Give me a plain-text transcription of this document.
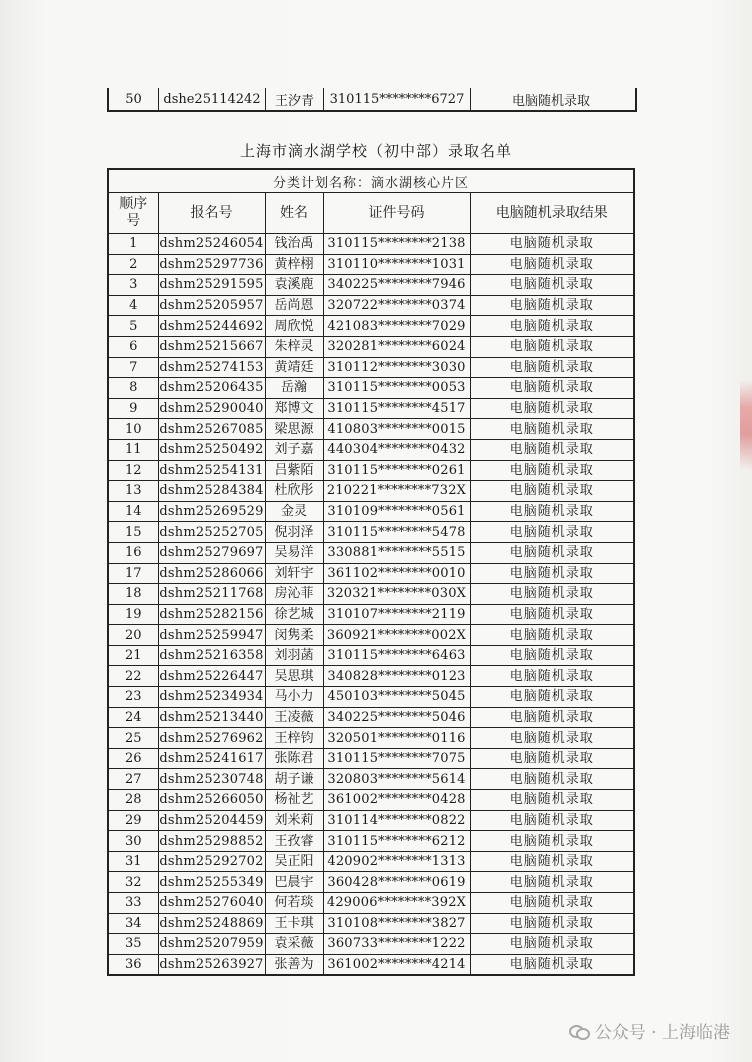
50	dshe25114242	王汐青	310115********6727	电脑随机录取
上海市滴水湖学校（初中部）录取名单
分类计划名称：滴水湖核心片区				
顺序号	报名号	姓名	证件号码	电脑随机录取结果
1	dshm25246054	钱治禹	310115********2138	电脑随机录取
2	dshm25297736	黄梓栩	310110********1031	电脑随机录取
3	dshm25291595	袁溪鹿	340225********7946	电脑随机录取
4	dshm25205957	岳尚恩	320722********0374	电脑随机录取
5	dshm25244692	周欣悦	421083********7029	电脑随机录取
6	dshm25215667	朱梓灵	320281********6024	电脑随机录取
7	dshm25274153	黄靖廷	310112********3030	电脑随机录取
8	dshm25206435	岳瀚	310115********0053	电脑随机录取
9	dshm25290040	郑博文	310115********4517	电脑随机录取
10	dshm25267085	梁思源	410803********0015	电脑随机录取
11	dshm25250492	刘子嘉	440304********0432	电脑随机录取
12	dshm25254131	吕紫陌	310115********0261	电脑随机录取
13	dshm25284384	杜欣彤	210221********732X	电脑随机录取
14	dshm25269529	金灵	310109********0561	电脑随机录取
15	dshm25252705	倪羽泽	310115********5478	电脑随机录取
16	dshm25279697	吴易洋	330881********5515	电脑随机录取
17	dshm25286066	刘轩宇	361102********0010	电脑随机录取
18	dshm25211768	房沁菲	320321********030X	电脑随机录取
19	dshm25282156	徐艺城	310107********2119	电脑随机录取
20	dshm25259947	闵隽柔	360921********002X	电脑随机录取
21	dshm25216358	刘羽菡	310115********6463	电脑随机录取
22	dshm25226447	吴思琪	340828********0123	电脑随机录取
23	dshm25234934	马小力	450103********5045	电脑随机录取
24	dshm25213440	王凌薇	340225********5046	电脑随机录取
25	dshm25276962	王梓钧	320501********0116	电脑随机录取
26	dshm25241617	张陈君	310115********7075	电脑随机录取
27	dshm25230748	胡子谦	320803********5614	电脑随机录取
28	dshm25266050	杨祉艺	361002********0428	电脑随机录取
29	dshm25204459	刘米莉	310114********0822	电脑随机录取
30	dshm25298852	王孜睿	310115********6212	电脑随机录取
31	dshm25292702	吴正阳	420902********1313	电脑随机录取
32	dshm25255349	巴晨宇	360428********0619	电脑随机录取
33	dshm25276040	何若琰	429006********392X	电脑随机录取
34	dshm25248869	王卡琪	310108********3827	电脑随机录取
35	dshm25207959	袁采薇	360733********1222	电脑随机录取
36	dshm25263927	张善为	361002********4214	电脑随机录取
公众号 · 上海临港
